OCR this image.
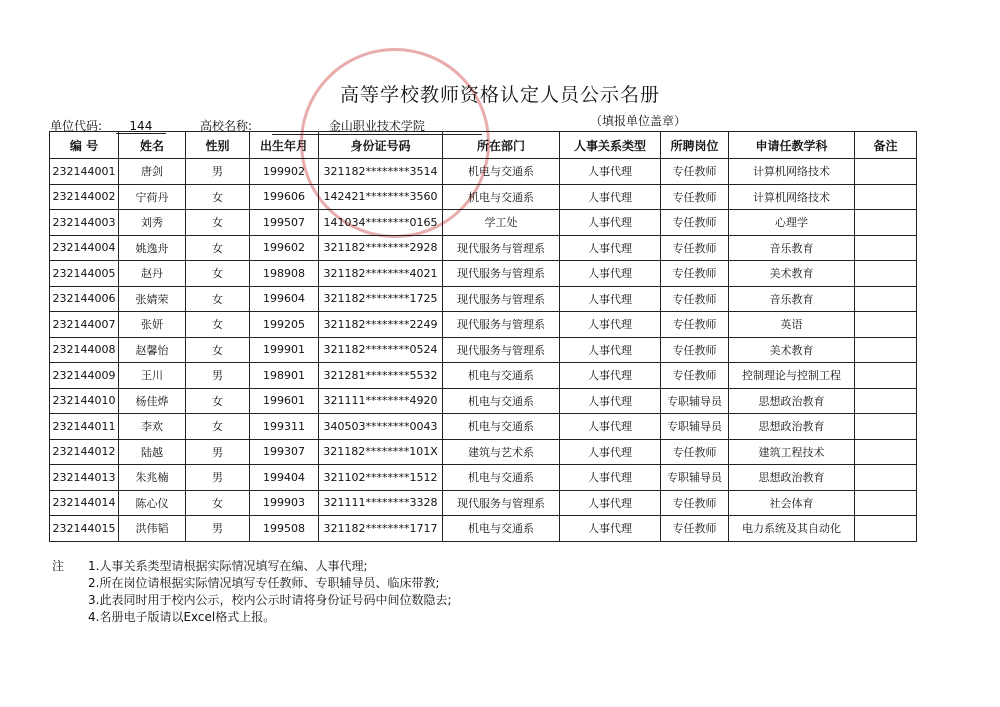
高等学校教师资格认定人员公示名册
单位代码: 144	高校名称:	金山职业技术学院	（填报单位盖章）
编 号	姓名	性别	出生年月	身份证号码	所在部门	人事关系类型	所聘岗位	申请任教学科	备注
232144001	唐剑	男	199902	321182********3514	机电与交通系	人事代理	专任教师	计算机网络技术	
232144002	宁荷丹	女	199606	142421********3560	机电与交通系	人事代理	专任教师	计算机网络技术	
232144003	刘秀	女	199507	141034********0165	学工处	人事代理	专任教师	心理学	
232144004	姚逸舟	女	199602	321182********2928	现代服务与管理系	人事代理	专任教师	音乐教育	
232144005	赵丹	女	198908	321182********4021	现代服务与管理系	人事代理	专任教师	美术教育	
232144006	张婧荣	女	199604	321182********1725	现代服务与管理系	人事代理	专任教师	音乐教育	
232144007	张妍	女	199205	321182********2249	现代服务与管理系	人事代理	专任教师	英语	
232144008	赵馨怡	女	199901	321182********0524	现代服务与管理系	人事代理	专任教师	美术教育	
232144009	王川	男	198901	321281********5532	机电与交通系	人事代理	专任教师	控制理论与控制工程	
232144010	杨佳烨	女	199601	321111********4920	机电与交通系	人事代理	专职辅导员	思想政治教育	
232144011	李欢	女	199311	340503********0043	机电与交通系	人事代理	专职辅导员	思想政治教育	
232144012	陆越	男	199307	321182********101X	建筑与艺术系	人事代理	专任教师	建筑工程技术	
232144013	朱兆楠	男	199404	321102********1512	机电与交通系	人事代理	专职辅导员	思想政治教育	
232144014	陈心仪	女	199903	321111********3328	现代服务与管理系	人事代理	专任教师	社会体育	
232144015	洪伟韬	男	199508	321182********1717	机电与交通系	人事代理	专任教师	电力系统及其自动化	
注 1.人事关系类型请根据实际情况填写在编、人事代理;
2.所在岗位请根据实际情况填写专任教师、专职辅导员、临床带教;
3.此表同时用于校内公示，校内公示时请将身份证号码中间位数隐去;
4.名册电子版请以Excel格式上报。
